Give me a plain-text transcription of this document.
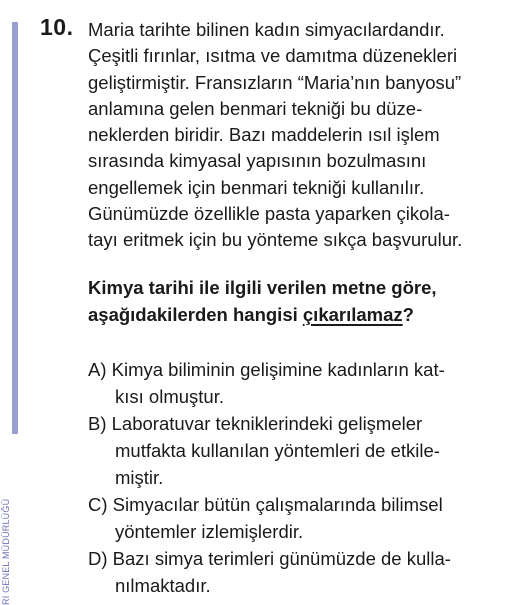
RI GENEL MÜDÜRLÜĞÜ
10. Maria tarihte bilinen kadın simyacılardandır.
Çeşitli fırınlar, ısıtma ve damıtma düzenekleri
geliştirmiştir. Fransızların “Maria’nın banyosu”
anlamına gelen benmari tekniği bu düze-
neklerden biridir. Bazı maddelerin ısıl işlem
sırasında kimyasal yapısının bozulmasını
engellemek için benmari tekniği kullanılır.
Günümüzde özellikle pasta yaparken çikola-
tayı eritmek için bu yönteme sıkça başvurulur.
Kimya tarihi ile ilgili verilen metne göre,
aşağıdakilerden hangisi çıkarılamaz?
A) Kimya biliminin gelişimine kadınların kat-
kısı olmuştur.
B) Laboratuvar tekniklerindeki gelişmeler
mutfakta kullanılan yöntemleri de etkile-
miştir.
C) Simyacılar bütün çalışmalarında bilimsel
yöntemler izlemişlerdir.
D) Bazı simya terimleri günümüzde de kulla-
nılmaktadır.
